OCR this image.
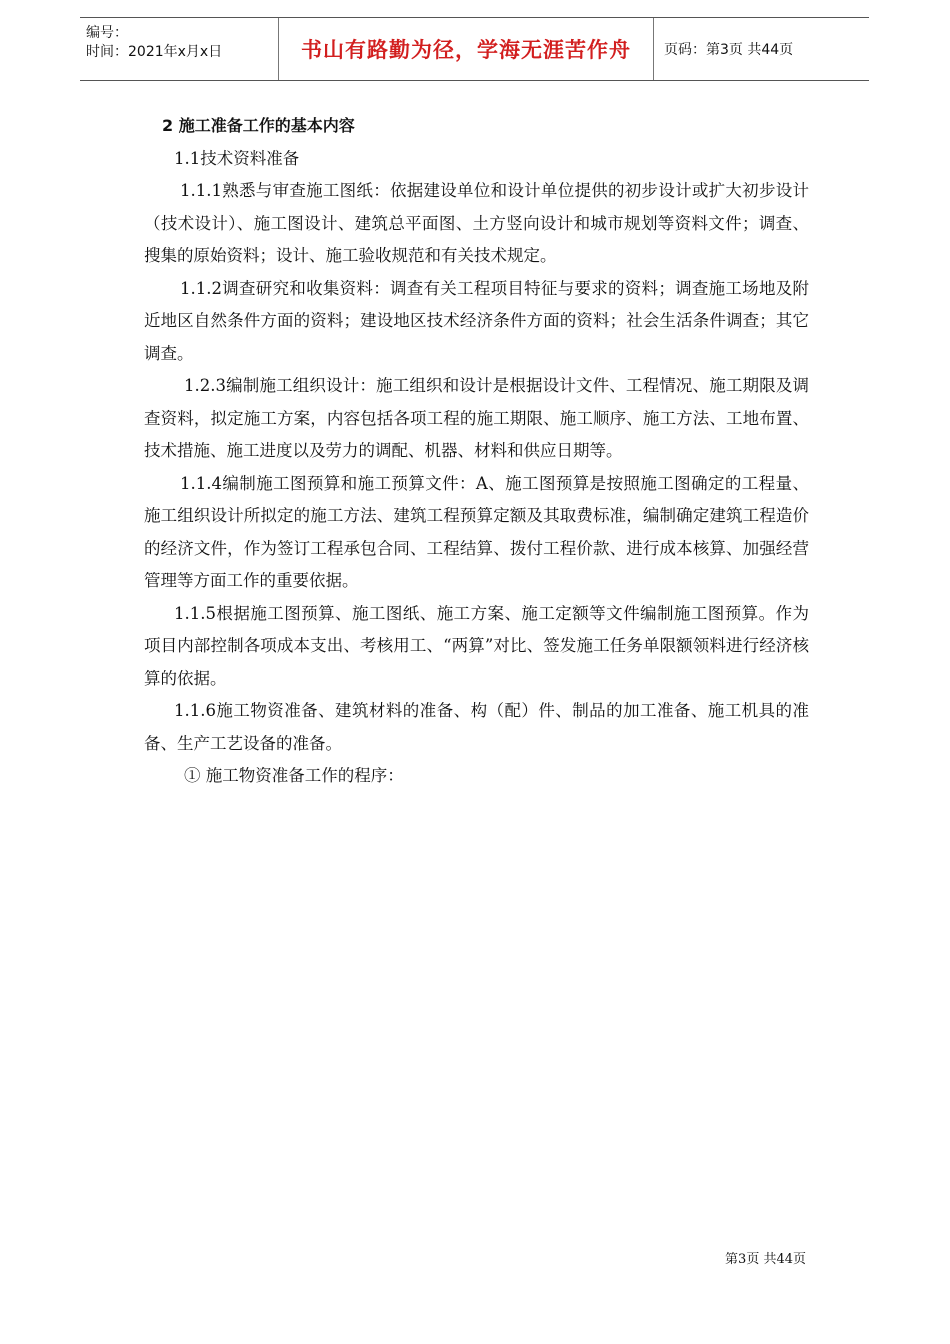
编号：
时间：2021年x月x日	书山有路勤为径，学海无涯苦作舟	页码：第3页 共44页

2 施工准备工作的基本内容

1.1技术资料准备

1.1.1熟悉与审查施工图纸：依据建设单位和设计单位提供的初步设计或扩大初步设计（技术设计）、施工图设计、建筑总平面图、土方竖向设计和城市规划等资料文件；调查、搜集的原始资料；设计、施工验收规范和有关技术规定。

1.1.2调查研究和收集资料：调查有关工程项目特征与要求的资料；调查施工场地及附近地区自然条件方面的资料；建设地区技术经济条件方面的资料；社会生活条件调查；其它调查。

1.2.3编制施工组织设计：施工组织和设计是根据设计文件、工程情况、施工期限及调查资料，拟定施工方案，内容包括各项工程的施工期限、施工顺序、施工方法、工地布置、技术措施、施工进度以及劳力的调配、机器、材料和供应日期等。

1.1.4编制施工图预算和施工预算文件：A、施工图预算是按照施工图确定的工程量、施工组织设计所拟定的施工方法、建筑工程预算定额及其取费标准，编制确定建筑工程造价的经济文件，作为签订工程承包合同、工程结算、拨付工程价款、进行成本核算、加强经营管理等方面工作的重要依据。

1.1.5根据施工图预算、施工图纸、施工方案、施工定额等文件编制施工图预算。作为项目内部控制各项成本支出、考核用工、“两算”对比、签发施工任务单限额领料进行经济核算的依据。

1.1.6施工物资准备、建筑材料的准备、构（配）件、制品的加工准备、施工机具的准备、生产工艺设备的准备。

① 施工物资准备工作的程序：

第3页 共44页
